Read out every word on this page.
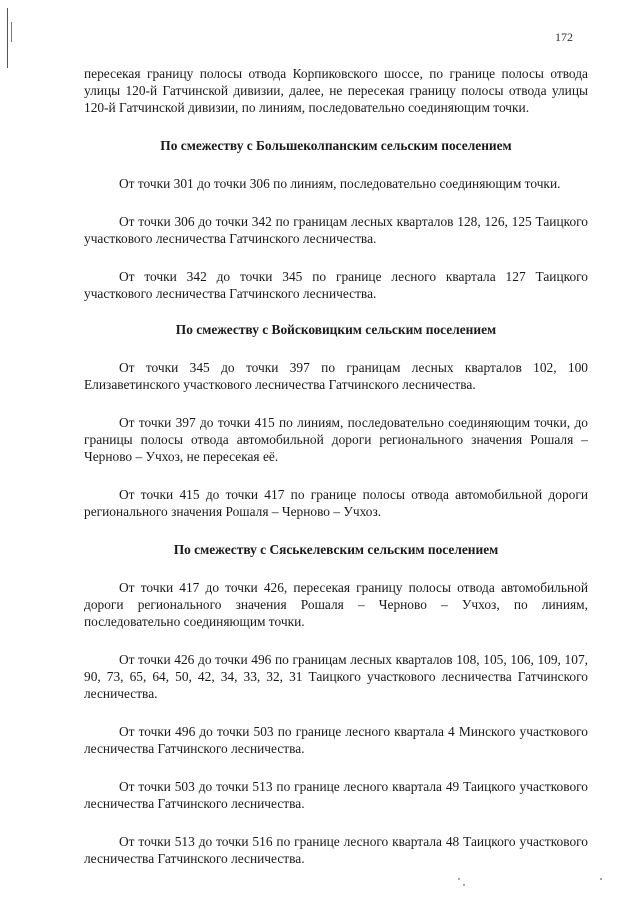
172

пересекая границу полосы отвода Корпиковского шоссе, по границе полосы отвода улицы 120-й Гатчинской дивизии, далее, не пересекая границу полосы отвода улицы 120-й Гатчинской дивизии, по линиям, последовательно соединяющим точки.

По смежеству с Большеколпанским сельским поселением

От точки 301 до точки 306 по линиям, последовательно соединяющим точки.

От точки 306 до точки 342 по границам лесных кварталов 128, 126, 125 Таицкого участкового лесничества Гатчинского лесничества.

От точки 342 до точки 345 по границе лесного квартала 127 Таицкого участкового лесничества Гатчинского лесничества.

По смежеству с Войсковицким сельским поселением

От точки 345 до точки 397 по границам лесных кварталов 102, 100 Елизаветинского участкового лесничества Гатчинского лесничества.

От точки 397 до точки 415 по линиям, последовательно соединяющим точки, до границы полосы отвода автомобильной дороги регионального значения Рошаля – Черново – Учхоз, не пересекая её.

От точки 415 до точки 417 по границе полосы отвода автомобильной дороги регионального значения Рошаля – Черново – Учхоз.

По смежеству с Сяськелевским сельским поселением

От точки 417 до точки 426, пересекая границу полосы отвода автомобильной дороги регионального значения Рошаля – Черново – Учхоз, по линиям, последовательно соединяющим точки.

От точки 426 до точки 496 по границам лесных кварталов 108, 105, 106, 109, 107, 90, 73, 65, 64, 50, 42, 34, 33, 32, 31 Таицкого участкового лесничества Гатчинского лесничества.

От точки 496 до точки 503 по границе лесного квартала 4 Минского участкового лесничества Гатчинского лесничества.

От точки 503 до точки 513 по границе лесного квартала 49 Таицкого участкового лесничества Гатчинского лесничества.

От точки 513 до точки 516 по границе лесного квартала 48 Таицкого участкового лесничества Гатчинского лесничества.
